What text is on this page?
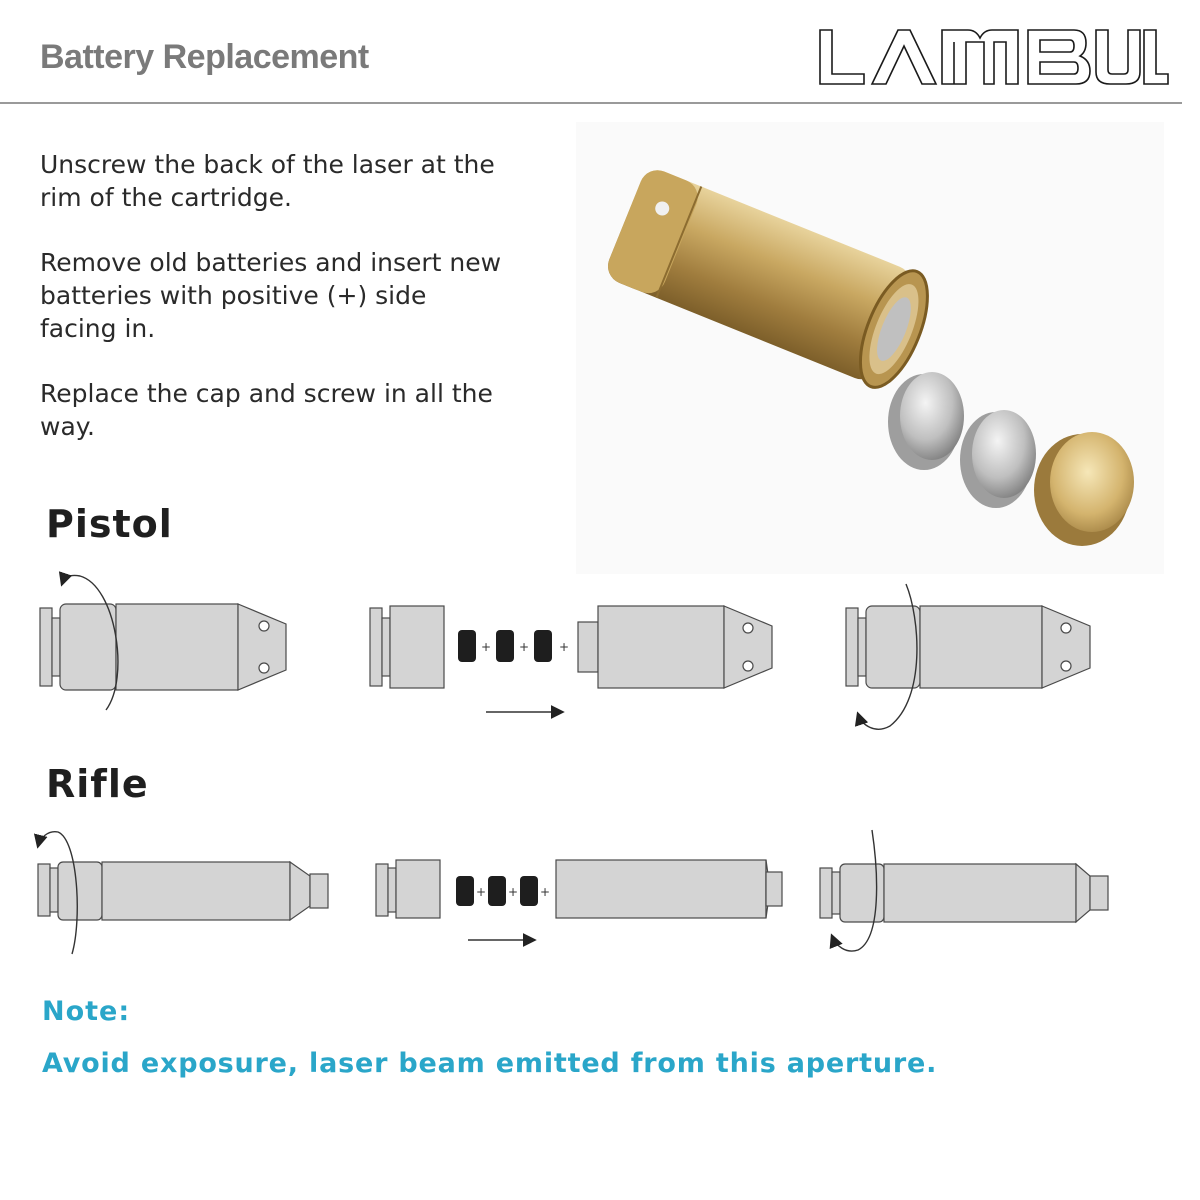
Battery Replacement

Unscrew the back of the laser at the rim of the cartridge.

Remove old batteries and insert new batteries with positive (+) side facing in.

Replace the cap and screw in all the way.

Pistol
+ + +
Rifle
+ + +
Note:
Avoid exposure, laser beam emitted from this aperture.
